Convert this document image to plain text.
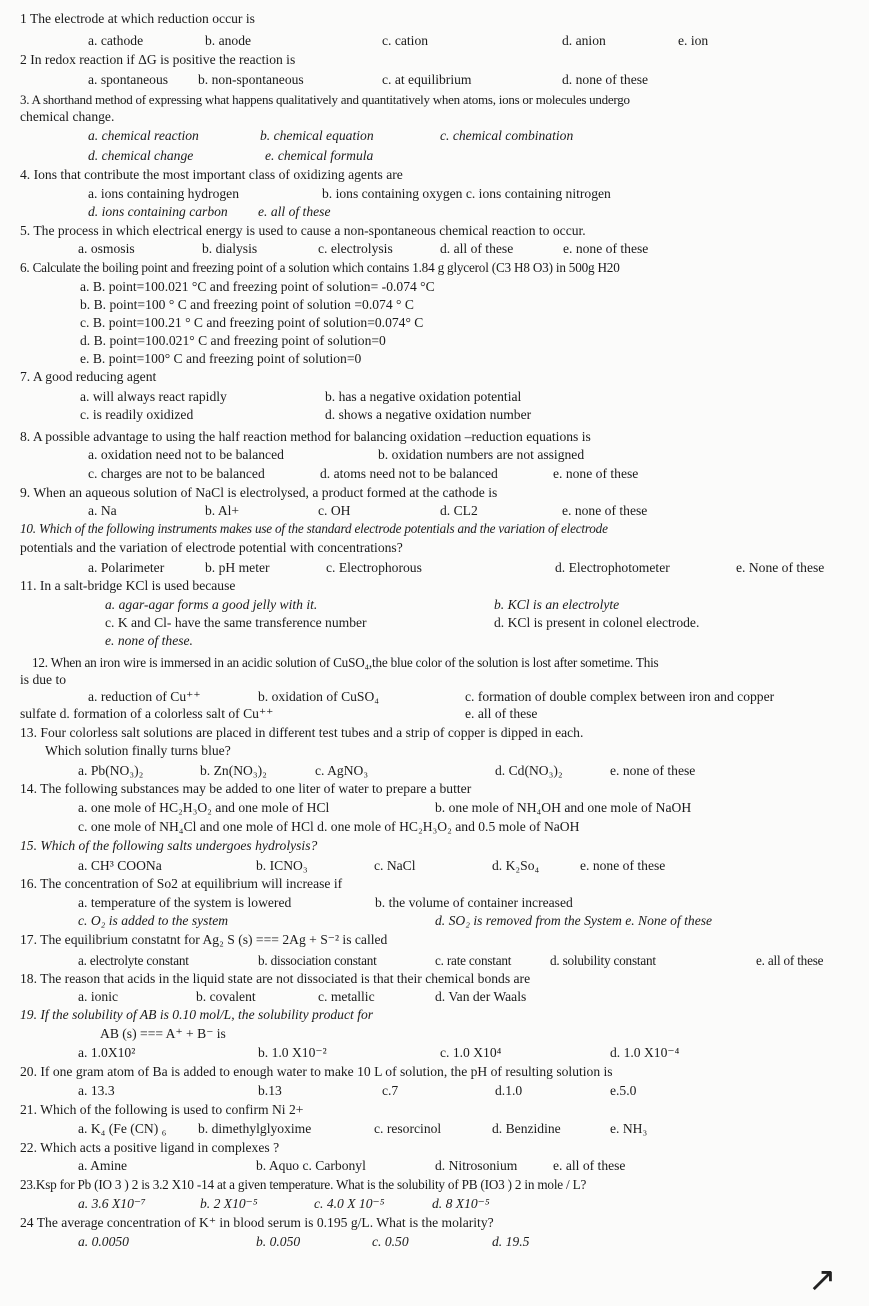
1 The electrode at which reduction occur is
a. cathode	b. anode	c. cation	d. anion	e. ion
2 In redox reaction if ΔG is positive the reaction is
a. spontaneous b. non-spontaneous	c. at equilibrium	d. none of these
3. A shorthand method of expressing what happens qualitatively and quantitatively when atoms, ions or molecules undergo
chemical change.
a. chemical reaction	b. chemical equation	c. chemical combination
d. chemical change	e. chemical formula
4. Ions that contribute the most important class of oxidizing agents are
a. ions containing hydrogen	b. ions containing oxygen c. ions containing nitrogen
d. ions containing carbon e. all of these
5. The process in which electrical energy is used to cause a non-spontaneous chemical reaction to occur.
a. osmosis	b. dialysis	c. electrolysis	d. all of these	e. none of these
6. Calculate the boiling point and freezing point of a solution which contains 1.84 g glycerol (C3 H8 O3) in 500g H20
a. B. point=100.021 °C and freezing point of solution= -0.074 °C
b. B. point=100 ° C and freezing point of solution =0.074 ° C
c. B. point=100.21 ° C and freezing point of solution=0.074° C
d. B. point=100.021° C and freezing point of solution=0
e. B. point=100° C and freezing point of solution=0
7. A good reducing agent
a. will always react rapidly	b. has a negative oxidation potential
c. is readily oxidized	d. shows a negative oxidation number
8. A possible advantage to using the half reaction method for balancing oxidation –reduction equations is
a. oxidation need not to be balanced	b. oxidation numbers are not assigned
c. charges are not to be balanced	d. atoms need not to be balanced	e. none of these
9. When an aqueous solution of NaCl is electrolysed, a product formed at the cathode is
a. Na	b. Al+	c. OH	d. CL2	e. none of these
10. Which of the following instruments makes use of the standard electrode potentials and the variation of electrode
potentials and the variation of electrode potential with concentrations?
a. Polarimeter	b. pH meter	c. Electrophorous	d. Electrophotometer	e. None of these
11. In a salt-bridge KCl is used because
a. agar-agar forms a good jelly with it.	b. KCl is an electrolyte
c. K and Cl- have the same transference number	d. KCl is present in colonel electrode.
e. none of these.
12. When an iron wire is immersed in an acidic solution of CuSO₄,the blue color of the solution is lost after sometime. This
is due to
a. reduction of Cu⁺⁺	b. oxidation of CuSO₄	c. formation of double complex between iron and copper
sulfate d. formation of a colorless salt of Cu⁺⁺	e. all of these
13. Four colorless salt solutions are placed in different test tubes and a strip of copper is dipped in each.
Which solution finally turns blue?
a. Pb(NO₃)₂	b. Zn(NO₃)₂	c. AgNO₃	d. Cd(NO₃)₂	e. none of these
14. The following substances may be added to one liter of water to prepare a butter
a. one mole of HC₂H₃O₂ and one mole of HCl	b. one mole of NH₄OH and one mole of NaOH
c. one mole of NH₄Cl and one mole of HCl d. one mole of HC₂H₃O₂ and 0.5 mole of NaOH
15. Which of the following salts undergoes hydrolysis?
a. CH³ COONa	b. ICNO₃	c. NaCl	d. K₂So₄	e. none of these
16. The concentration of So2 at equilibrium will increase if
a. temperature of the system is lowered	b. the volume of container increased
c. O₂ is added to the system	d. SO₂ is removed from the System e. None of these
17. The equilibrium constatnt for Ag₂ S (s) === 2Ag + S⁻² is called
a. electrolyte constant	b. dissociation constant	c. rate constant	d. solubility constant	e. all of these
18. The reason that acids in the liquid state are not dissociated is that their chemical bonds are
a. ionic	b. covalent	c. metallic	d. Van der Waals
19. If the solubility of AB is 0.10 mol/L, the solubility product for
AB (s) === A⁺ + B⁻ is
a. 1.0X10²	b. 1.0 X10⁻²	c. 1.0 X10⁴	d. 1.0 X10⁻⁴
20. If one gram atom of Ba is added to enough water to make 10 L of solution, the pH of resulting solution is
a. 13.3	b.13	c.7	d.1.0	e.5.0
21. Which of the following is used to confirm Ni 2+
a. K₄ (Fe (CN) ₆ b. dimethylglyoxime	c. resorcinol	d. Benzidine	e. NH₃
22. Which acts a positive ligand in complexes ?
a. Amine	b. Aquo c. Carbonyl	d. Nitrosonium	e. all of these
23.Ksp for Pb (IO 3 ) 2 is 3.2 X10 -14 at a given temperature. What is the solubility of PB (IO3 ) 2 in mole / L?
a. 3.6 X10⁻⁷	b. 2 X10⁻⁵	c. 4.0 X 10⁻⁵	d. 8 X10⁻⁵
24 The average concentration of K⁺ in blood serum is 0.195 g/L. What is the molarity?
a. 0.0050	b. 0.050	c. 0.50	d. 19.5
↗
